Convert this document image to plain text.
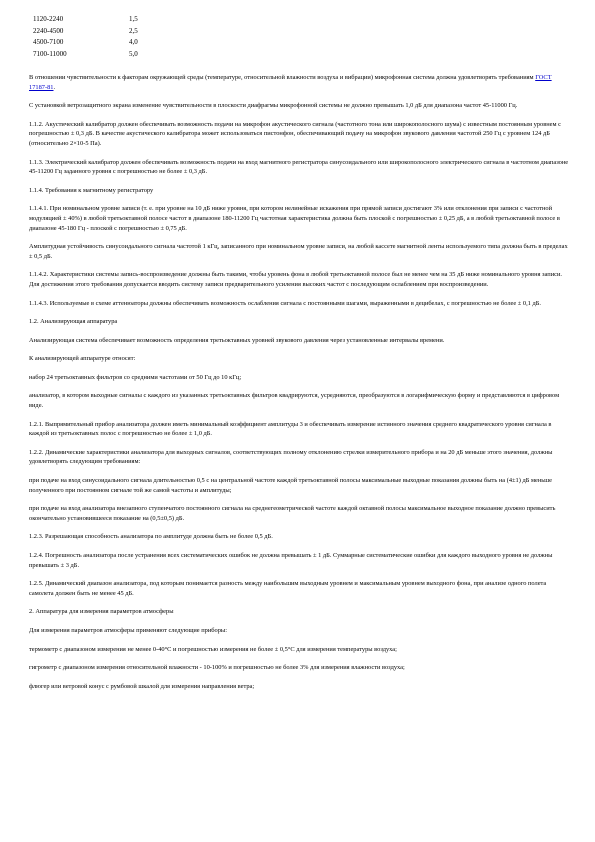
1120-2240	1,5
2240-4500	2,5
4500-7100	4,0
7100-11000	5,0

В отношении чувствительности к факторам окружающей среды (температуре, относительной влажности воздуха и вибрации) микрофонная система должна удовлетворять требованиям ГОСТ 17187-81.

С установкой ветрозащитного экрана изменение чувствительности в плоскости диафрагмы микрофонной системы не должно превышать 1,0 дБ для диапазона частот 45-11000 Гц.

1.1.2. Акустический калибратор должен обеспечивать возможность подачи на микрофон акустического сигнала (частотного тона или широкополосного шума) с известным постоянным уровнем с погрешностью ± 0,3 дБ. В качестве акустического калибратора может использоваться пистонфон, обеспечивающий подачу на микрофон звукового давления частотой 250 Гц с уровнем 124 дБ (относительно 2×10-5 Па).

1.1.3. Электрический калибратор должен обеспечивать возможность подачи на вход магнитного регистратора синусоидального или широкополосного электрического сигнала в частотном диапазоне 45-11200 Гц заданного уровня с погрешностью не более ± 0,3 дБ.

1.1.4. Требования к магнитному регистратору

1.1.4.1. При номинальном уровне записи (т. е. при уровне на 10 дБ ниже уровня, при котором нелинейные искажения при прямой записи достигают 3% или отклонения при записи с частотной модуляцией ± 40%) в любой третьоктавной полосе частот в диапазоне 180-11200 Гц частотная характеристика должна быть плоской с погрешностью ± 0,25 дБ, а в любой третьоктавной полосе в диапазоне 45-180 Гц - плоской с погрешностью ± 0,75 дБ.

Амплитудная устойчивость синусоидального сигнала частотой 1 кГц, записанного при номинальном уровне записи, на любой кассете магнитной ленты используемого типа должна быть в пределах ± 0,5 дБ.

1.1.4.2. Характеристики системы запись-воспроизведение должны быть такими, чтобы уровень фона в любой третьоктавной полосе был не менее чем на 35 дБ ниже номинального уровня записи. Для достижения этого требования допускается вводить систему записи предварительного усиления высоких частот с последующим ослаблением при воспроизведении.

1.1.4.3. Используемые в схеме аттенюаторы должны обеспечивать возможность ослабления сигнала с постоянными шагами, выраженными в децибелах, с погрешностью не более ± 0,1 дБ.

1.2. Анализирующая аппаратура

Анализирующая система обеспечивает возможность определения третьоктавных уровней звукового давления через установленные интервалы времени.

К анализирующей аппаратуре относят:

набор 24 третьоктавных фильтров со средними частотами от 50 Гц до 10 кГц;

анализатор, в котором выходные сигналы с каждого из указанных третьоктавных фильтров квадрируются, усредняются, преобразуются в логарифмическую форму и представляются в цифровом виде.

1.2.1. Выпрямительный прибор анализатора должен иметь минимальный коэффициент амплитуды 3 и обеспечивать измерение истинного значения среднего квадратического уровня сигнала в каждой из третьоктавных полос с погрешностью не более ± 1,0 дБ.

1.2.2. Динамические характеристики анализатора для выходных сигналов, соответствующих полному отклонению стрелки измерительного прибора и на 20 дБ меньше этого значения, должны удовлетворять следующим требованиям:

при подаче на вход синусоидального сигнала длительностью 0,5 с на центральной частоте каждой третьоктавной полосы максимальные выходные показания должны быть на (4±1) дБ меньше полученного при постоянном сигнале той же самой частоты и амплитуды;

при подаче на вход анализатора внезапного ступенчатого постоянного сигнала на среднегеометрической частоте каждой октавной полосы максимальное выходное показание должно превысить окончательно установившееся показание на (0,5±0,5) дБ.

1.2.3. Разрешающая способность анализатора по амплитуде должна быть не более 0,5 дБ.

1.2.4. Погрешность анализатора после устранения всех систематических ошибок не должна превышать ± 1 дБ. Суммарные систематические ошибки для каждого выходного уровня не должны превышать ± 3 дБ.

1.2.5. Динамический диапазон анализатора, под которым понимается разность между наибольшим выходным уровнем и максимальным уровнем выходного фона, при анализе одного полета самолета должен быть не менее 45 дБ.

2. Аппаратура для измерения параметров атмосферы

Для измерения параметров атмосферы применяют следующие приборы:

термометр с диапазоном измерения не менее 0-40°С и погрешностью измерения не более ± 0,5°С для измерения температуры воздуха;

гигрометр с диапазоном измерения относительной влажности - 10-100% и погрешностью не более 3% для измерения влажности воздуха;

флюгер или ветровой конус с румбовой шкалой для измерения направления ветра;
